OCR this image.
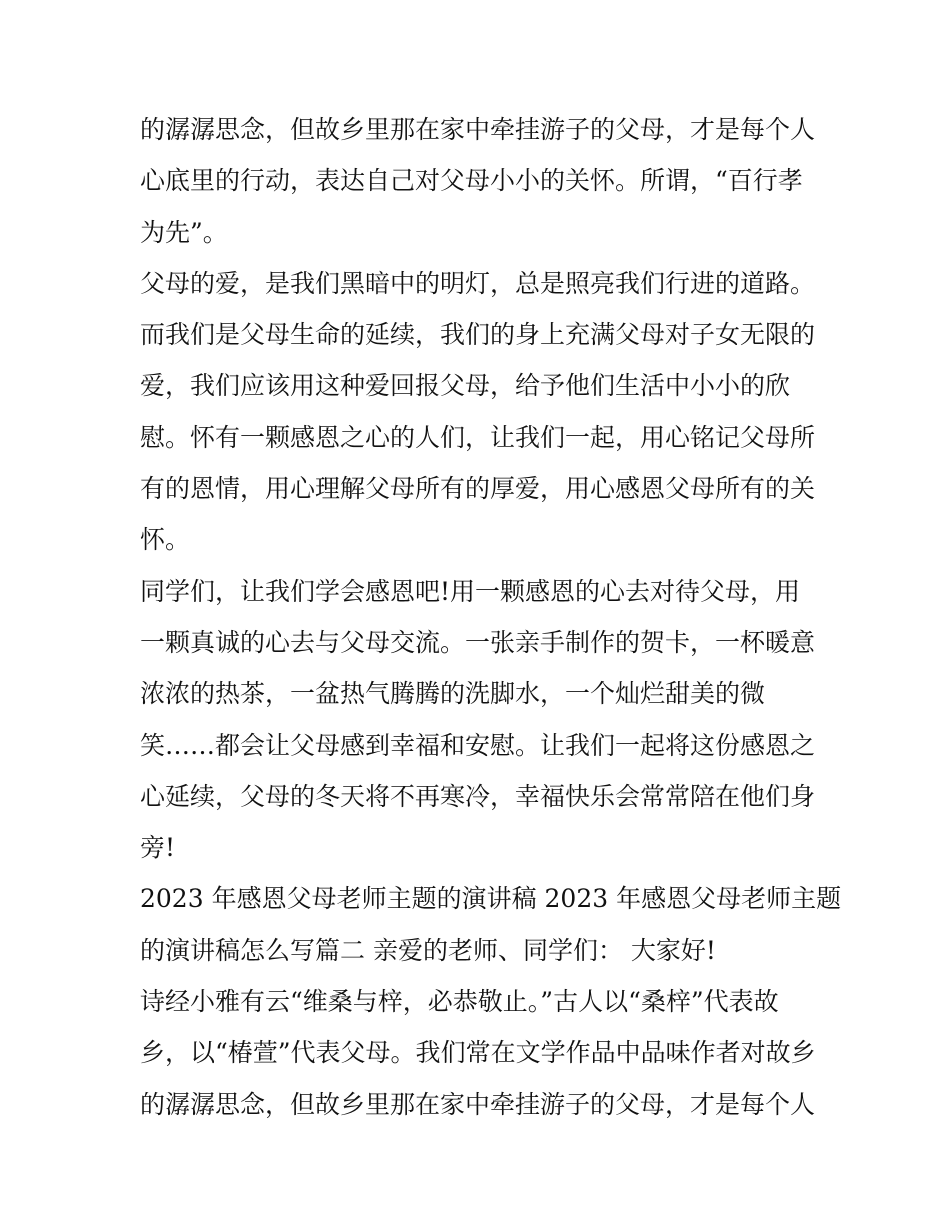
的潺潺思念，但故乡里那在家中牵挂游子的父母，才是每个人
心底里的行动，表达自己对父母小小的关怀。所谓，“百行孝
为先”。
父母的爱，是我们黑暗中的明灯，总是照亮我们行进的道路。
而我们是父母生命的延续，我们的身上充满父母对子女无限的
爱，我们应该用这种爱回报父母，给予他们生活中小小的欣
慰。怀有一颗感恩之心的人们，让我们一起，用心铭记父母所
有的恩情，用心理解父母所有的厚爱，用心感恩父母所有的关
怀。
同学们，让我们学会感恩吧!用一颗感恩的心去对待父母，用
一颗真诚的心去与父母交流。一张亲手制作的贺卡，一杯暖意
浓浓的热茶，一盆热气腾腾的洗脚水，一个灿烂甜美的微
笑……都会让父母感到幸福和安慰。让我们一起将这份感恩之
心延续，父母的冬天将不再寒冷，幸福快乐会常常陪在他们身
旁!
2023 年感恩父母老师主题的演讲稿 2023 年感恩父母老师主题
的演讲稿怎么写篇二 亲爱的老师、同学们： 大家好!
诗经小雅有云“维桑与梓，必恭敬止。”古人以“桑梓”代表故
乡，以“椿萱”代表父母。我们常在文学作品中品味作者对故乡
的潺潺思念，但故乡里那在家中牵挂游子的父母，才是每个人
